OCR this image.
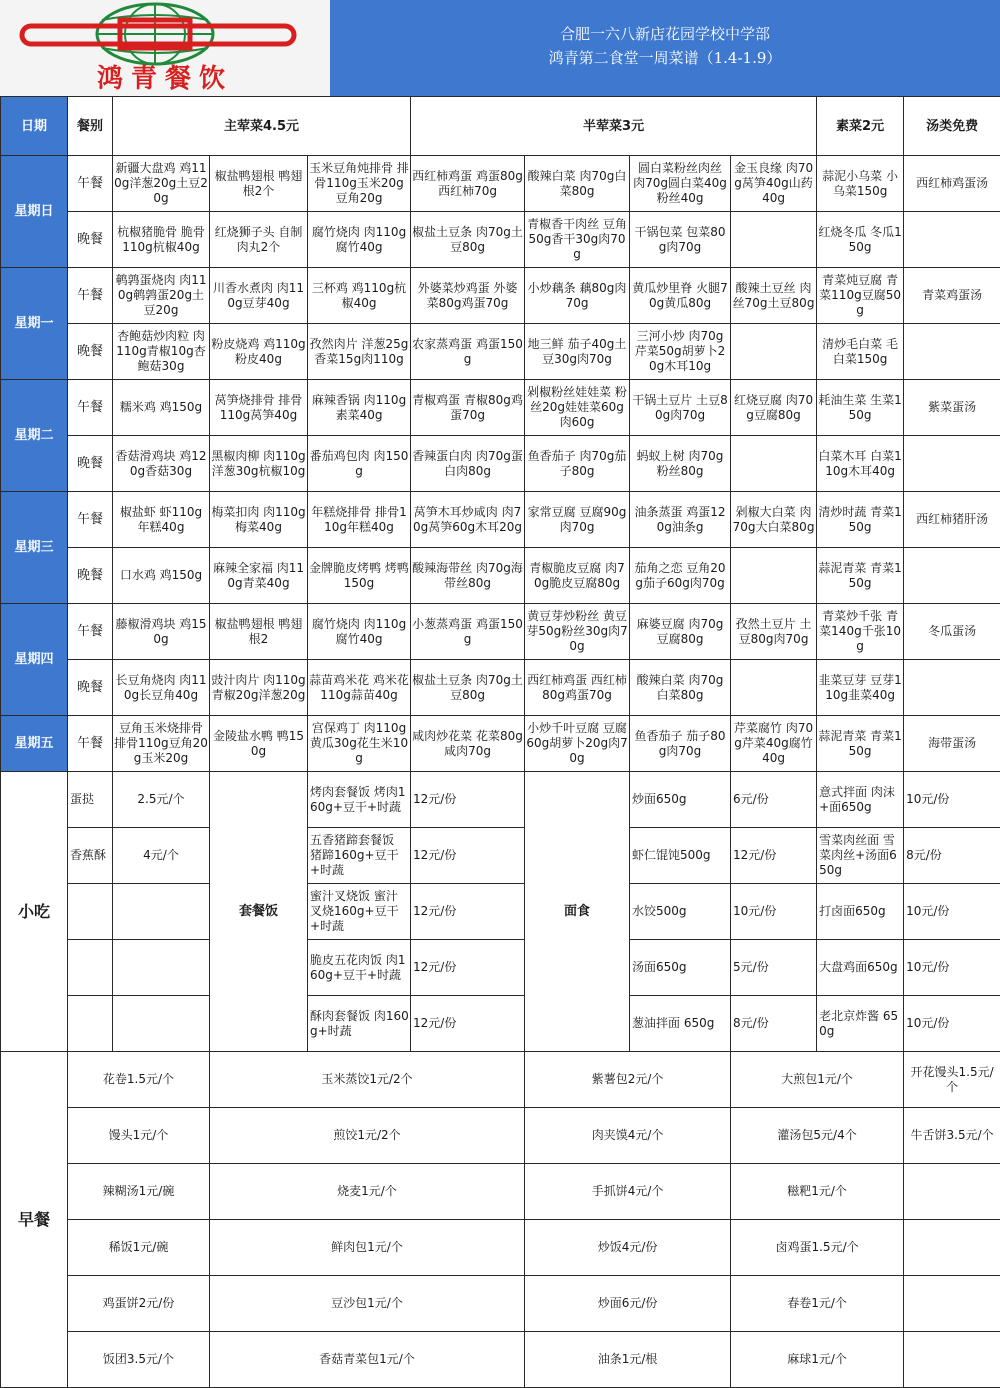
鸿青餐饮
合肥一六八新店花园学校中学部
鸿青第二食堂一周菜谱（1.4-1.9）
日期	餐别	主荤菜4.5元			半荤菜3元				素菜2元	汤类免费
星期日	午餐	新疆大盘鸡 鸡110g洋葱20g土豆20g	椒盐鸭翅根 鸭翅根2个	玉米豆角炖排骨 排骨110g玉米20g豆角20g	西红柿鸡蛋 鸡蛋80g西红柿70g	酸辣白菜 肉70g白菜80g	圆白菜粉丝肉丝 肉70g圆白菜40g粉丝40g	金玉良缘 肉70g莴笋40g山药40g	蒜泥小乌菜 小乌菜150g	西红柿鸡蛋汤
	晚餐	杭椒猪脆骨 脆骨110g杭椒40g	红烧狮子头 自制肉丸2个	腐竹烧肉 肉110g腐竹40g	椒盐土豆条 肉70g土豆80g	青椒香干肉丝 豆角50g香干30g肉70g	干锅包菜 包菜80g肉70g		红烧冬瓜 冬瓜150g	
星期一	午餐	鹌鹑蛋烧肉 肉110g鹌鹑蛋20g土豆20g	川香水煮肉 肉110g豆芽40g	三杯鸡 鸡110g杭椒40g	外婆菜炒鸡蛋 外婆菜80g鸡蛋70g	小炒藕条 藕80g肉70g	黄瓜炒里脊 火腿70g黄瓜80g	酸辣土豆丝 肉丝70g土豆80g	青菜炖豆腐 青菜110g豆腐50g	青菜鸡蛋汤
	晚餐	杏鲍菇炒肉粒 肉110g青椒10g杏鲍菇30g	粉皮烧鸡 鸡110g粉皮40g	孜然肉片 洋葱25g香菜15g肉110g	农家蒸鸡蛋 鸡蛋150g	地三鲜 茄子40g土豆30g肉70g	三河小炒 肉70g芹菜50g胡萝卜20g木耳10g		清炒毛白菜 毛白菜150g	
星期二	午餐	糯米鸡 鸡150g	莴笋烧排骨 排骨110g莴笋40g	麻辣香锅 肉110g素菜40g	青椒鸡蛋 青椒80g鸡蛋70g	剁椒粉丝娃娃菜 粉丝20g娃娃菜60g肉60g	干锅土豆片 土豆80g肉70g	红烧豆腐 肉70g豆腐80g	耗油生菜 生菜150g	紫菜蛋汤
	晚餐	香菇滑鸡块 鸡120g香菇30g	黑椒肉柳 肉110g洋葱30g杭椒10g	番茄鸡包肉 肉150g	香辣蛋白肉 肉70g蛋白肉80g	鱼香茄子 肉70g茄子80g	蚂蚁上树 肉70g粉丝80g		白菜木耳 白菜110g木耳40g	
星期三	午餐	椒盐虾 虾110g年糕40g	梅菜扣肉 肉110g梅菜40g	年糕烧排骨 排骨110g年糕40g	莴笋木耳炒咸肉 肉70g莴笋60g木耳20g	家常豆腐 豆腐90g肉70g	油条蒸蛋 鸡蛋120g油条g	剁椒大白菜 肉70g大白菜80g	清炒时蔬 青菜150g	西红柿猪肝汤
	晚餐	口水鸡 鸡150g	麻辣全家福 肉110g青菜40g	金牌脆皮烤鸭 烤鸭150g	酸辣海带丝 肉70g海带丝80g	青椒脆皮豆腐 肉70g脆皮豆腐80g	茄角之恋 豆角20g茄子60g肉70g		蒜泥青菜 青菜150g	
星期四	午餐	藤椒滑鸡块 鸡150g	椒盐鸭翅根 鸭翅根2	腐竹烧肉 肉110g腐竹40g	小葱蒸鸡蛋 鸡蛋150g	黄豆芽炒粉丝 黄豆芽50g粉丝30g肉70g	麻婆豆腐 肉70g豆腐80g	孜然土豆片 土豆80g肉70g	青菜炒千张 青菜140g千张10g	冬瓜蛋汤
	晚餐	长豆角烧肉 肉110g长豆角40g	豉汁肉片 肉110g青椒20g洋葱20g	蒜苗鸡米花 鸡米花110g蒜苗40g	椒盐土豆条 肉70g土豆80g	西红柿鸡蛋 西红柿80g鸡蛋70g	酸辣白菜 肉70g白菜80g		韭菜豆芽 豆芽110g韭菜40g	
星期五	午餐	豆角玉米烧排骨 排骨110g豆角20g玉米20g	金陵盐水鸭 鸭150g	宫保鸡丁 肉110g黄瓜30g花生米10g	咸肉炒花菜 花菜80g咸肉70g	小炒千叶豆腐 豆腐60g胡萝卜20g肉70g	鱼香茄子 茄子80g肉70g	芹菜腐竹 肉70g芹菜40g腐竹40g	蒜泥青菜 青菜150g	海带蛋汤
小吃	蛋挞	2.5元/个	套餐饭	烤肉套餐饭 烤肉160g+豆干+时蔬	12元/份	面食	炒面650g	6元/份	意式拌面 肉沫+面650g	10元/份
	香蕉酥	4元/个		五香猪蹄套餐饭 猪蹄160g+豆干+时蔬	12元/份		虾仁馄饨500g	12元/份	雪菜肉丝面 雪菜肉丝+汤面650g	8元/份
				蜜汁叉烧饭 蜜汁叉烧160g+豆干+时蔬	12元/份		水饺500g	10元/份	打卤面650g	10元/份
				脆皮五花肉饭 肉160g+豆干+时蔬	12元/份		汤面650g	5元/份	大盘鸡面650g	10元/份
				酥肉套餐饭 肉160g+时蔬	12元/份		葱油拌面 650g	8元/份	老北京炸酱 650g	10元/份
早餐	花卷1.5元/个		玉米蒸饺1元/2个			紫薯包2元/个		大煎包1元/个		开花馒头1.5元/个
	馒头1元/个		煎饺1元/2个			肉夹馍4元/个		灌汤包5元/4个		牛舌饼3.5元/个
	辣糊汤1元/碗		烧麦1元/个			手抓饼4元/个		糍粑1元/个		
	稀饭1元/碗		鲜肉包1元/个			炒饭4元/份		卤鸡蛋1.5元/个		
	鸡蛋饼2元/份		豆沙包1元/个			炒面6元/份		春卷1元/个		
	饭团3.5元/个		香菇青菜包1元/个			油条1元/根		麻球1元/个		
